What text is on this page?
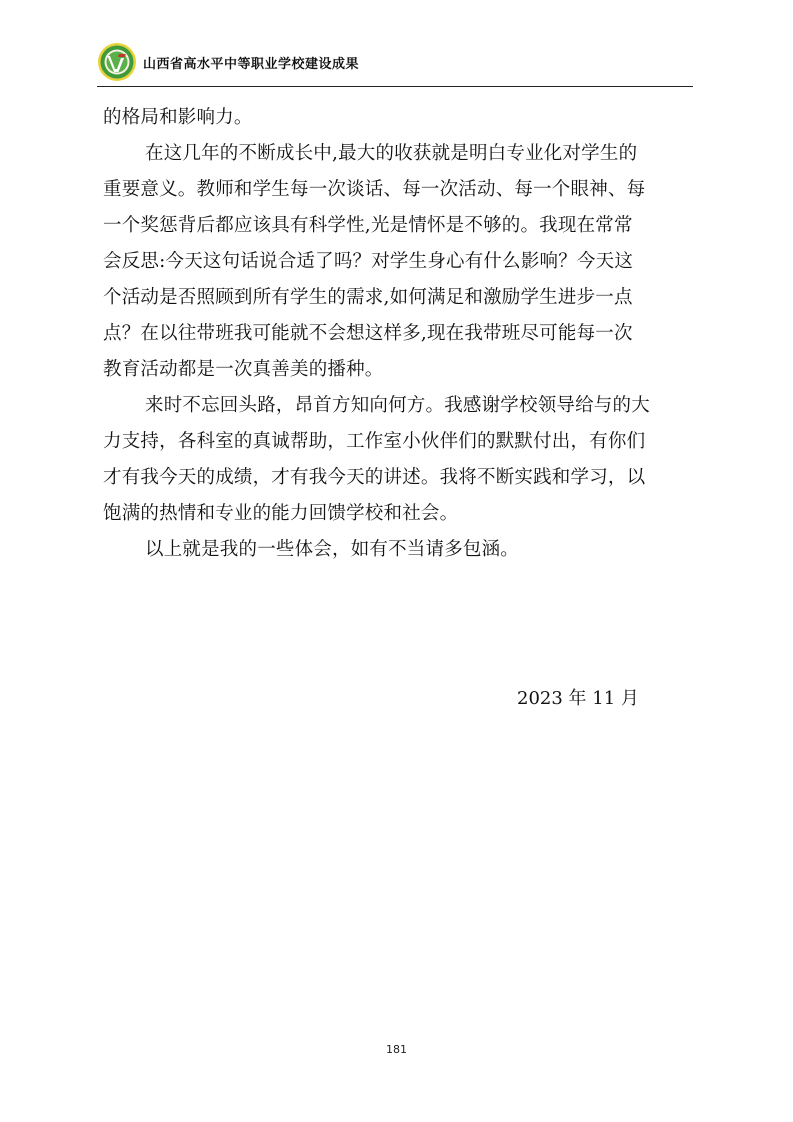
山西省高水平中等职业学校建设成果
的格局和影响力。
在这几年的不断成长中,最大的收获就是明白专业化对学生的
重要意义。教师和学生每一次谈话、每一次活动、每一个眼神、每
一个奖惩背后都应该具有科学性,光是情怀是不够的。我现在常常
会反思:今天这句话说合适了吗？对学生身心有什么影响？今天这
个活动是否照顾到所有学生的需求,如何满足和激励学生进步一点
点？在以往带班我可能就不会想这样多,现在我带班尽可能每一次
教育活动都是一次真善美的播种。
来时不忘回头路，昂首方知向何方。我感谢学校领导给与的大
力支持，各科室的真诚帮助，工作室小伙伴们的默默付出，有你们
才有我今天的成绩，才有我今天的讲述。我将不断实践和学习，以
饱满的热情和专业的能力回馈学校和社会。
以上就是我的一些体会，如有不当请多包涵。
2023 年 11 月
181
